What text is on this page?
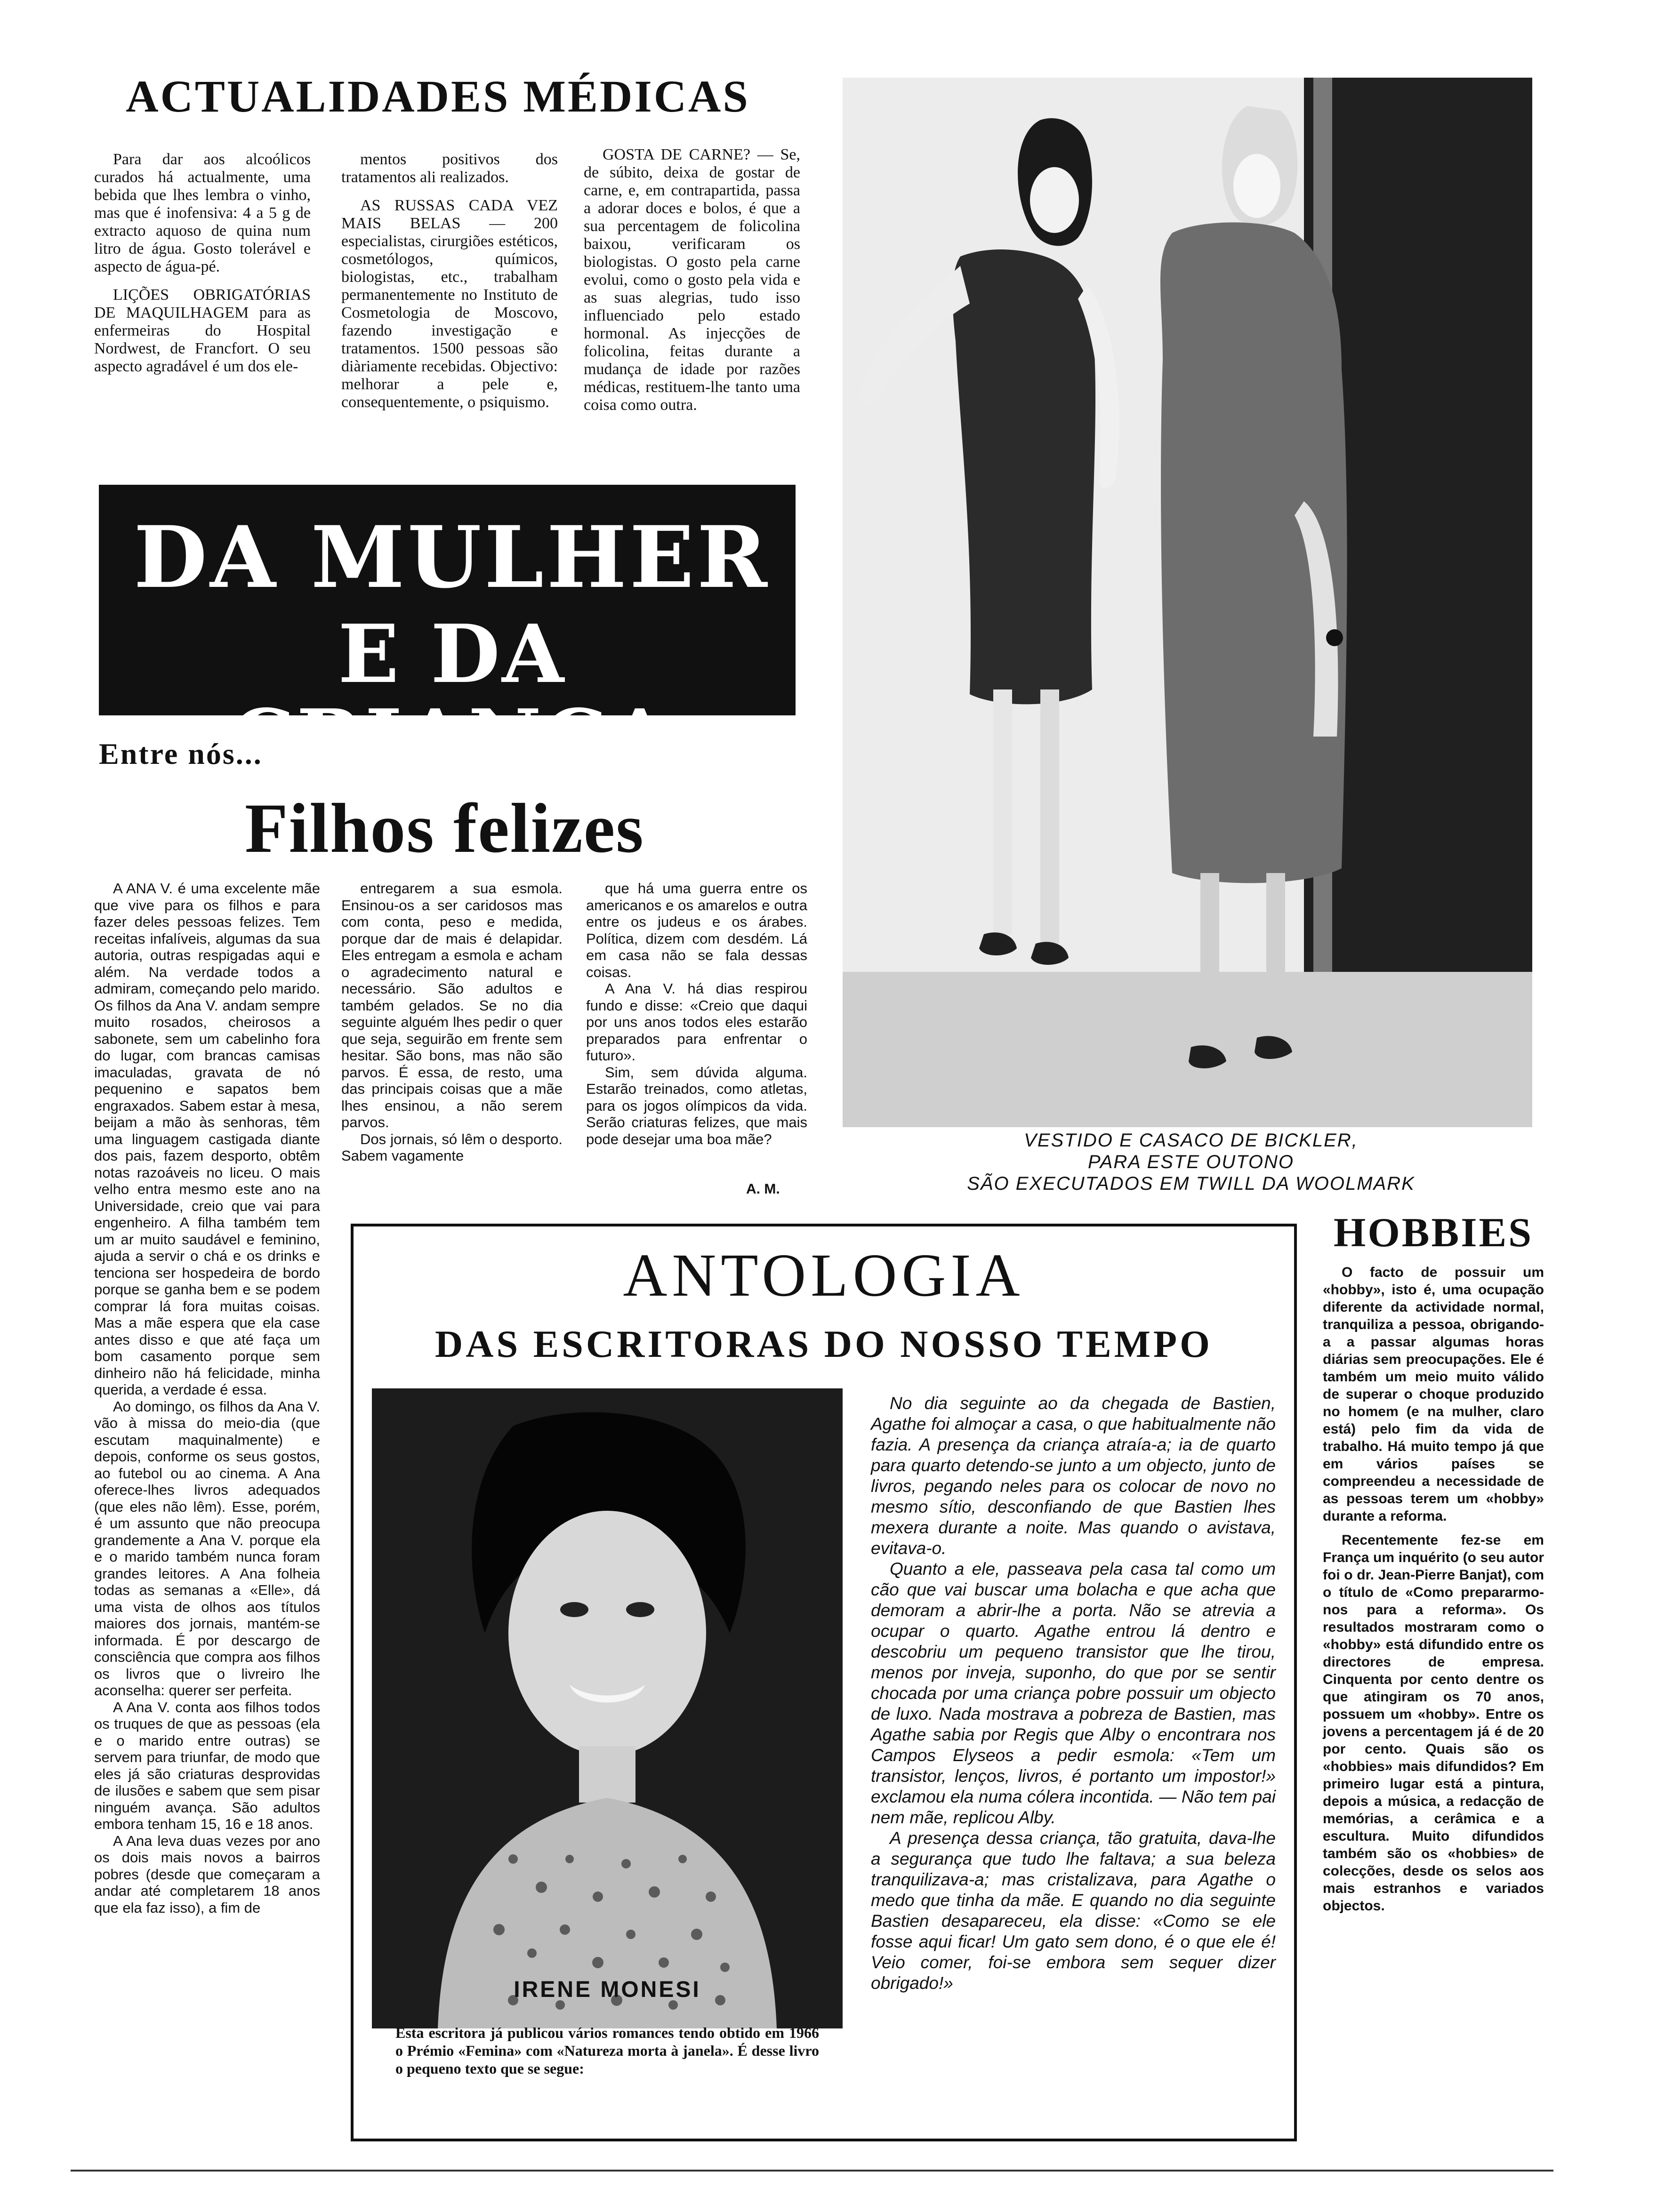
ACTUALIDADES MÉDICAS

Para dar aos alcoólicos curados há actualmente, uma bebida que lhes lembra o vinho, mas que é inofensiva: 4 a 5 g de extracto aquoso de quina num litro de água. Gosto tolerável e aspecto de água-pé.

LIÇÕES OBRIGATÓRIAS DE MAQUILHAGEM para as enfermeiras do Hospital Nordwest, de Francfort. O seu aspecto agradável é um dos ele-

mentos positivos dos tratamentos ali realizados.

AS RUSSAS CADA VEZ MAIS BELAS — 200 especialistas, cirurgiões estéticos, cosmetólogos, químicos, biologistas, etc., trabalham permanentemente no Instituto de Cosmetologia de Moscovo, fazendo investigação e tratamentos. 1500 pessoas são diàriamente recebidas. Objectivo: melhorar a pele e, consequentemente, o psiquismo.

GOSTA DE CARNE? — Se, de súbito, deixa de gostar de carne, e, em contrapartida, passa a adorar doces e bolos, é que a sua percentagem de folicolina baixou, verificaram os biologistas. O gosto pela carne evolui, como o gosto pela vida e as suas alegrias, tudo isso influenciado pelo estado hormonal. As injecções de folicolina, feitas durante a mudança de idade por razões médicas, restituem-lhe tanto uma coisa como outra.

DA MULHER
E DA CRIANÇA
Entre nós...
Filhos felizes

A ANA V. é uma excelente mãe que vive para os filhos e para fazer deles pessoas felizes. Tem receitas infalíveis, algumas da sua autoria, outras respigadas aqui e além. Na verdade todos a admiram, começando pelo marido. Os filhos da Ana V. andam sempre muito rosados, cheirosos a sabonete, sem um cabelinho fora do lugar, com brancas camisas imaculadas, gravata de nó pequenino e sapatos bem engraxados. Sabem estar à mesa, beijam a mão às senhoras, têm uma linguagem castigada diante dos pais, fazem desporto, obtêm notas razoáveis no liceu. O mais velho entra mesmo este ano na Universidade, creio que vai para engenheiro. A filha também tem um ar muito saudável e feminino, ajuda a servir o chá e os drinks e tenciona ser hospedeira de bordo porque se ganha bem e se podem comprar lá fora muitas coisas. Mas a mãe espera que ela case antes disso e que até faça um bom casamento porque sem dinheiro não há felicidade, minha querida, a verdade é essa.

Ao domingo, os filhos da Ana V. vão à missa do meio-dia (que escutam maquinalmente) e depois, conforme os seus gostos, ao futebol ou ao cinema. A Ana oferece-lhes livros adequados (que eles não lêm). Esse, porém, é um assunto que não preocupa grandemente a Ana V. porque ela e o marido também nunca foram grandes leitores. A Ana folheia todas as semanas a «Elle», dá uma vista de olhos aos títulos maiores dos jornais, mantém-se informada. É por descargo de consciência que compra aos filhos os livros que o livreiro lhe aconselha: querer ser perfeita.

A Ana V. conta aos filhos todos os truques de que as pessoas (ela e o marido entre outras) se servem para triunfar, de modo que eles já são criaturas desprovidas de ilusões e sabem que sem pisar ninguém avança. São adultos embora tenham 15, 16 e 18 anos.

A Ana leva duas vezes por ano os dois mais novos a bairros pobres (desde que começaram a andar até completarem 18 anos que ela faz isso), a fim de

entregarem a sua esmola. Ensinou-os a ser caridosos mas com conta, peso e medida, porque dar de mais é delapidar. Eles entregam a esmola e acham o agradecimento natural e necessário. São adultos e também gelados. Se no dia seguinte alguém lhes pedir o quer que seja, seguirão em frente sem hesitar. São bons, mas não são parvos. É essa, de resto, uma das principais coisas que a mãe lhes ensinou, a não serem parvos.

Dos jornais, só lêm o desporto. Sabem vagamente

que há uma guerra entre os americanos e os amarelos e outra entre os judeus e os árabes. Política, dizem com desdém. Lá em casa não se fala dessas coisas.

A Ana V. há dias respirou fundo e disse: «Creio que daqui por uns anos todos eles estarão preparados para enfrentar o futuro».

Sim, sem dúvida alguma. Estarão treinados, como atletas, para os jogos olímpicos da vida. Serão criaturas felizes, que mais pode desejar uma boa mãe?

A. M.
VESTIDO E CASACO DE BICKLER,
PARA ESTE OUTONO
SÃO EXECUTADOS EM TWILL DA WOOLMARK
ANTOLOGIA
DAS ESCRITORAS DO NOSSO TEMPO
IRENE MONESI
Esta escritora já publicou vários romances tendo obtido em 1966 o Prémio «Femina» com «Natureza morta à janela». É desse livro o pequeno texto que se segue:

No dia seguinte ao da chegada de Bastien, Agathe foi almoçar a casa, o que habitualmente não fazia. A presença da criança atraía-a; ia de quarto para quarto detendo-se junto a um objecto, junto de livros, pegando neles para os colocar de novo no mesmo sítio, desconfiando de que Bastien lhes mexera durante a noite. Mas quando o avistava, evitava-o.

Quanto a ele, passeava pela casa tal como um cão que vai buscar uma bolacha e que acha que demoram a abrir-lhe a porta. Não se atrevia a ocupar o quarto. Agathe entrou lá dentro e descobriu um pequeno transistor que lhe tirou, menos por inveja, suponho, do que por se sentir chocada por uma criança pobre possuir um objecto de luxo. Nada mostrava a pobreza de Bastien, mas Agathe sabia por Regis que Alby o encontrara nos Campos Elyseos a pedir esmola: «Tem um transistor, lenços, livros, é portanto um impostor!» exclamou ela numa cólera incontida. — Não tem pai nem mãe, replicou Alby.

A presença dessa criança, tão gratuita, dava-lhe a segurança que tudo lhe faltava; a sua beleza tranquilizava-a; mas cristalizava, para Agathe o medo que tinha da mãe. E quando no dia seguinte Bastien desapareceu, ela disse: «Como se ele fosse aqui ficar! Um gato sem dono, é o que ele é! Veio comer, foi-se embora sem sequer dizer obrigado!»

HOBBIES

O facto de possuir um «hobby», isto é, uma ocupação diferente da actividade normal, tranquiliza a pessoa, obrigando-a a passar algumas horas diárias sem preocupações. Ele é também um meio muito válido de superar o choque produzido no homem (e na mulher, claro está) pelo fim da vida de trabalho. Há muito tempo já que em vários países se compreendeu a necessidade de as pessoas terem um «hobby» durante a reforma.

Recentemente fez-se em França um inquérito (o seu autor foi o dr. Jean-Pierre Banjat), com o título de «Como prepararmo-nos para a reforma». Os resultados mostraram como o «hobby» está difundido entre os directores de empresa. Cinquenta por cento dentre os que atingiram os 70 anos, possuem um «hobby». Entre os jovens a percentagem já é de 20 por cento. Quais são os «hobbies» mais difundidos? Em primeiro lugar está a pintura, depois a música, a redacção de memórias, a cerâmica e a escultura. Muito difundidos também são os «hobbies» de colecções, desde os selos aos mais estranhos e variados objectos.
